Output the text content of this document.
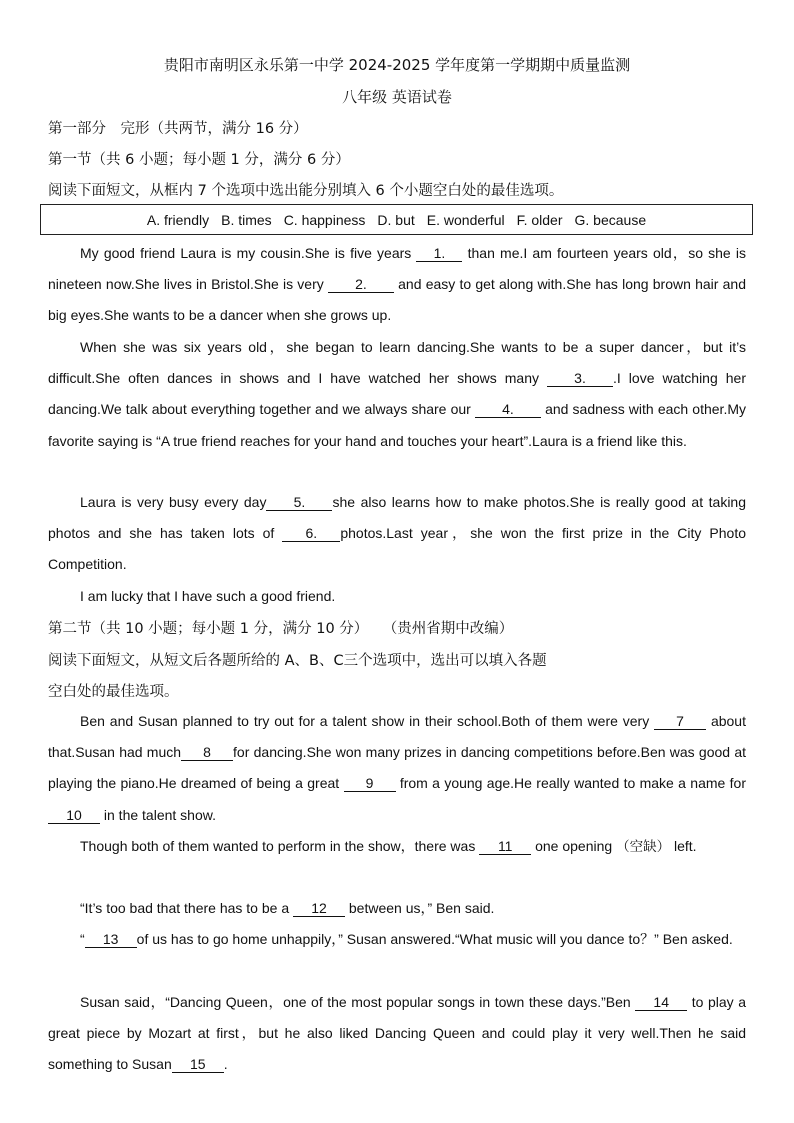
贵阳市南明区永乐第一中学 2024-2025 学年度第一学期期中质量监测
八年级 英语试卷
第一部分　完形（共两节，满分 16 分）
第一节（共 6 小题；每小题 1 分，满分 6 分）
阅读下面短文，从框内 7 个选项中选出能分别填入 6 个小题空白处的最佳选项。
A. friendly B. times C. happiness D. but E. wonderful F. older G. because
My good friend Laura is my cousin.She is five years 1. than me.I am fourteen years old，so she is nineteen now.She lives in Bristol.She is very 2. and easy to get along with.She has long brown hair and big eyes.She wants to be a dancer when she grows up.
When she was six years old，she began to learn dancing.She wants to be a super dancer，but it’s difficult.She often dances in shows and I have watched her shows many 3. .I love watching her dancing.We talk about everything together and we always share our 4. and sadness with each other.My favorite saying is “A true friend reaches for your hand and touches your heart”.Laura is a friend like this.
Laura is very busy every day 5. she also learns how to make photos.She is really good at taking photos and she has taken lots of 6. photos.Last year，she won the first prize in the City Photo Competition.
I am lucky that I have such a good friend.
第二节（共 10 小题；每小题 1 分，满分 10 分）　　（贵州省期中改编）
阅读下面短文，从短文后各题所给的 A、B、C三个选项中，选出可以填入各题
空白处的最佳选项。
Ben and Susan planned to try out for a talent show in their school.Both of them were very 7 about that.Susan had much 8 for dancing.She won many prizes in dancing competitions before.Ben was good at playing the piano.He dreamed of being a great 9 from a young age.He really wanted to make a name for 10 in the talent show.
Though both of them wanted to perform in the show，there was 11 one opening （空缺） left.
“It’s too bad that there has to be a 12 between us，” Ben said.
“ 13 of us has to go home unhappily，” Susan answered.“What music will you dance to？” Ben asked.
Susan said，“Dancing Queen，one of the most popular songs in town these days.”Ben 14 to play a great piece by Mozart at first，but he also liked Dancing Queen and could play it very well.Then he said something to Susan 15 .
